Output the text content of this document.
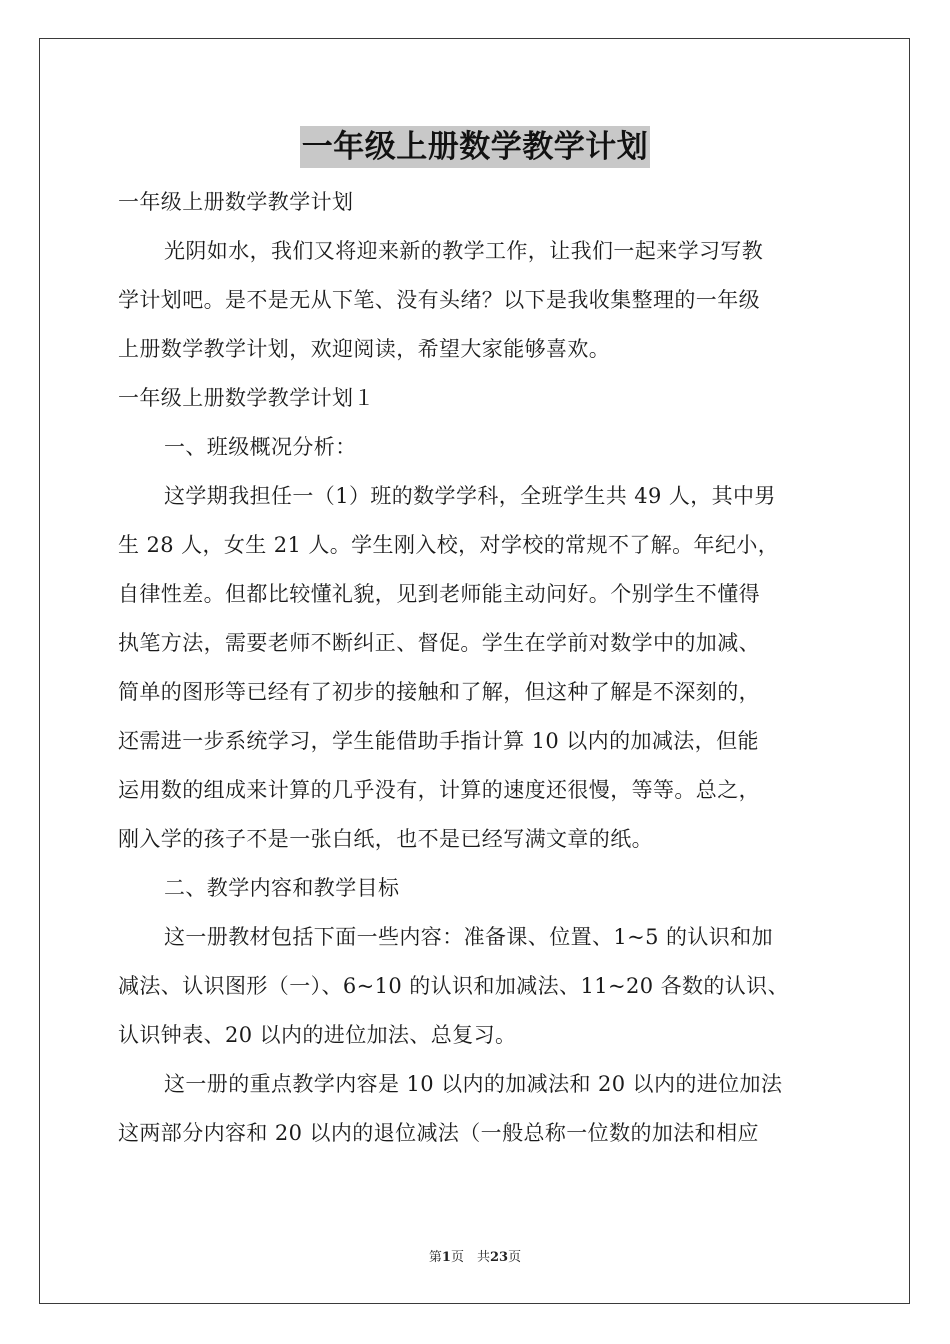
一年级上册数学教学计划
一年级上册数学教学计划
光阴如水，我们又将迎来新的教学工作，让我们一起来学习写教
学计划吧。是不是无从下笔、没有头绪？以下是我收集整理的一年级
上册数学教学计划，欢迎阅读，希望大家能够喜欢。
一年级上册数学教学计划１
一、班级概况分析：
这学期我担任一（1）班的数学学科，全班学生共 49 人，其中男
生 28 人，女生 21 人。学生刚入校，对学校的常规不了解。年纪小，
自律性差。但都比较懂礼貌，见到老师能主动问好。个别学生不懂得
执笔方法，需要老师不断纠正、督促。学生在学前对数学中的加减、
简单的图形等已经有了初步的接触和了解，但这种了解是不深刻的，
还需进一步系统学习，学生能借助手指计算 10 以内的加减法，但能
运用数的组成来计算的几乎没有，计算的速度还很慢，等等。总之，
刚入学的孩子不是一张白纸，也不是已经写满文章的纸。
二、教学内容和教学目标
这一册教材包括下面一些内容：准备课、位置、1~5 的认识和加
减法、认识图形（一）、6~10 的认识和加减法、11~20 各数的认识、
认识钟表、20 以内的进位加法、总复习。
这一册的重点教学内容是 10 以内的加减法和 20 以内的进位加法
这两部分内容和 20 以内的退位减法（一般总称一位数的加法和相应
第1页　共23页
